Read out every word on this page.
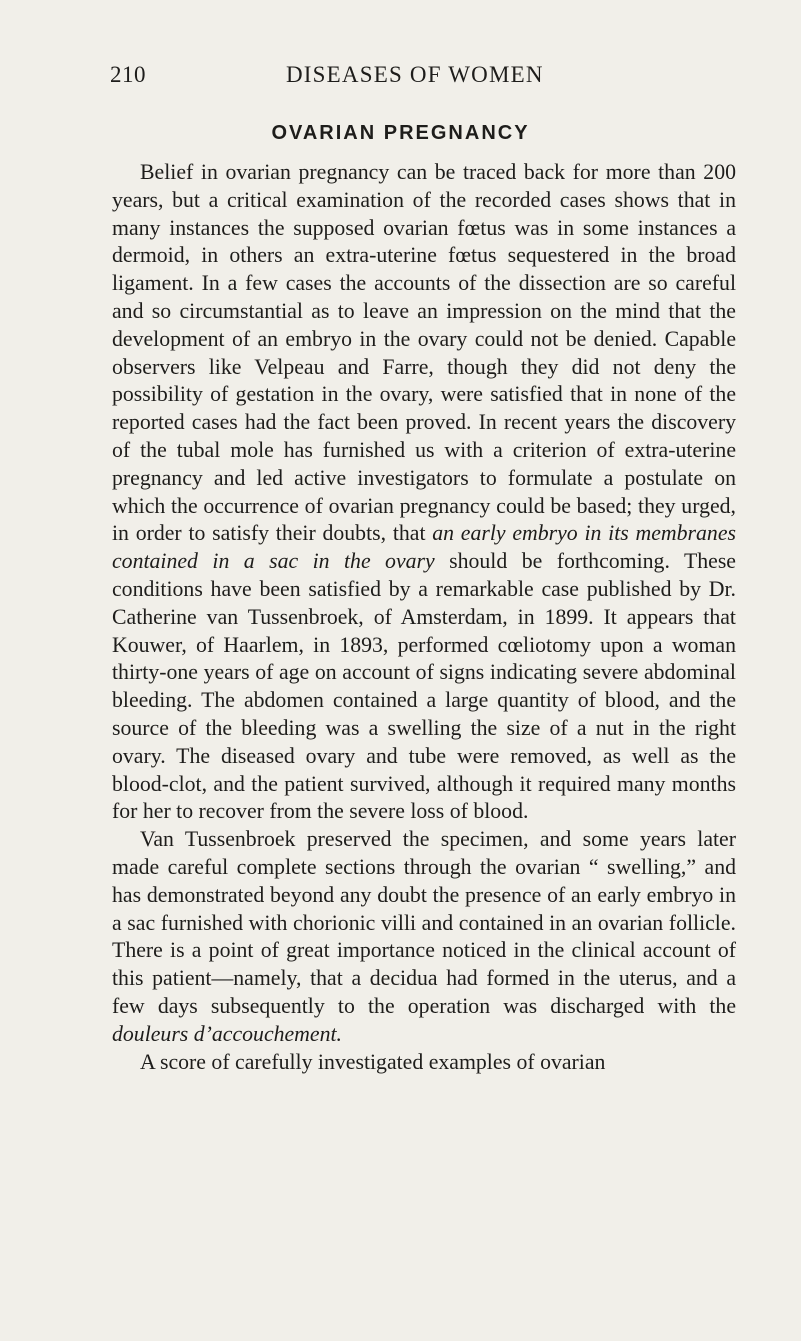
210	DISEASES OF WOMEN
OVARIAN PREGNANCY

Belief in ovarian pregnancy can be traced back for more than 200 years, but a critical examination of the recorded cases shows that in many instances the supposed ovarian fœtus was in some instances a dermoid, in others an extra-uterine fœtus sequestered in the broad ligament. In a few cases the accounts of the dissection are so careful and so circumstantial as to leave an impression on the mind that the development of an embryo in the ovary could not be denied. Capable observers like Velpeau and Farre, though they did not deny the possibility of gestation in the ovary, were satisfied that in none of the reported cases had the fact been proved. In recent years the discovery of the tubal mole has furnished us with a criterion of extra-uterine pregnancy and led active investigators to formulate a postulate on which the occurrence of ovarian pregnancy could be based; they urged, in order to satisfy their doubts, that an early embryo in its membranes contained in a sac in the ovary should be forthcoming. These conditions have been satisfied by a remarkable case published by Dr. Catherine van Tussenbroek, of Amsterdam, in 1899. It appears that Kouwer, of Haarlem, in 1893, performed cœliotomy upon a woman thirty-one years of age on account of signs indicating severe abdominal bleeding. The abdomen contained a large quantity of blood, and the source of the bleeding was a swelling the size of a nut in the right ovary. The diseased ovary and tube were removed, as well as the blood-clot, and the patient survived, although it required many months for her to recover from the severe loss of blood.

Van Tussenbroek preserved the specimen, and some years later made careful complete sections through the ovarian “ swelling,” and has demonstrated beyond any doubt the presence of an early embryo in a sac furnished with chorionic villi and contained in an ovarian follicle. There is a point of great importance noticed in the clinical account of this patient—namely, that a decidua had formed in the uterus, and a few days subsequently to the operation was discharged with the douleurs d’accouchement.

A score of carefully investigated examples of ovarian
